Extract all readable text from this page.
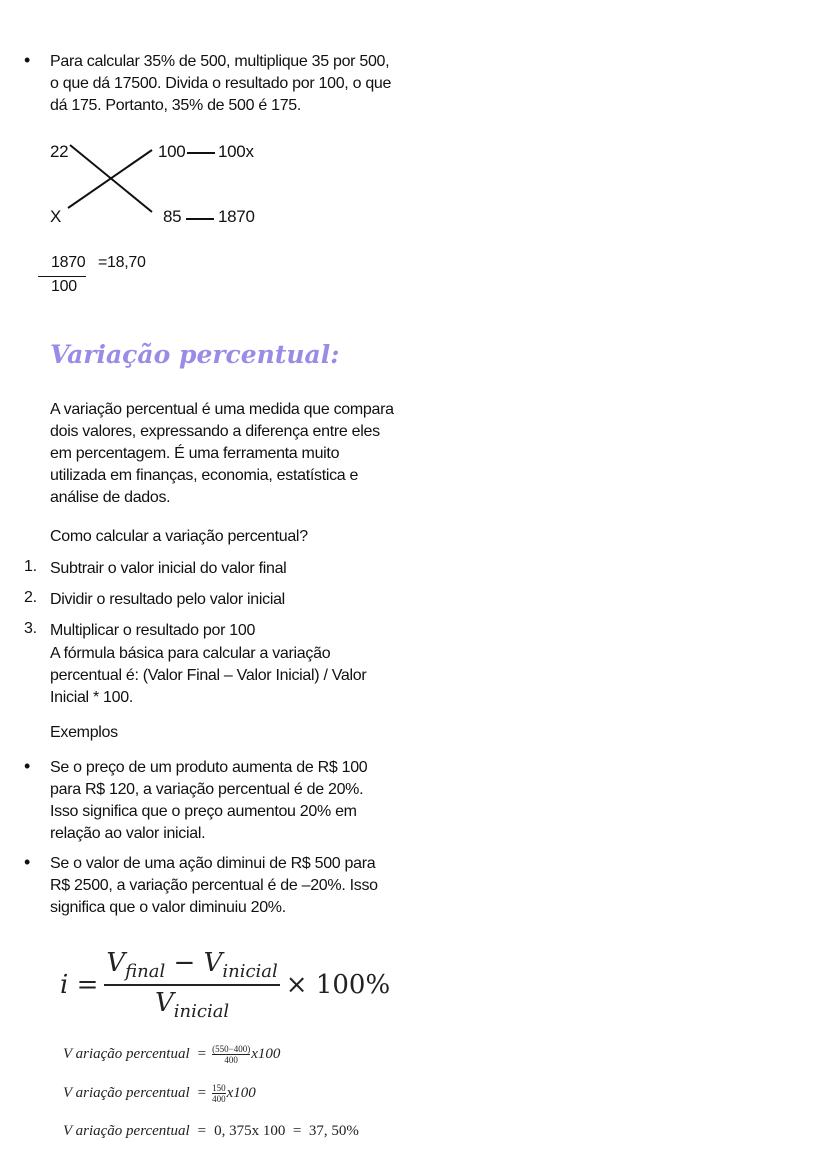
• Para calcular 35% de 500, multiplique 35 por 500, o que dá 17500. Divida o resultado por 100, o que dá 175. Portanto, 35% de 500 é 175.
22
X
100 100x
85 1870
1870
100
=18,70
Variação percentual:
A variação percentual é uma medida que compara dois valores, expressando a diferença entre eles em percentagem. É uma ferramenta muito utilizada em finanças, economia, estatística e análise de dados.
Como calcular a variação percentual?
1. Subtrair o valor inicial do valor final
2. Dividir o resultado pelo valor inicial
3. Multiplicar o resultado por 100
A fórmula básica para calcular a variação percentual é: (Valor Final – Valor Inicial) / Valor Inicial * 100.
Exemplos
• Se o preço de um produto aumenta de R$ 100 para R$ 120, a variação percentual é de 20%. Isso significa que o preço aumentou 20% em relação ao valor inicial.
• Se o valor de uma ação diminui de R$ 500 para R$ 2500, a variação percentual é de –20%. Isso significa que o valor diminuiu 20%.
i =
$V_{final} - V_{inicial}$
$V_{inicial}$
× 100%
V ariação percentual = $\frac{(550-400)}{400} x100$
V ariação percentual = $\frac{150}{400} x100$
V ariação percentual = 0, 375x 100  =  37, 50%
